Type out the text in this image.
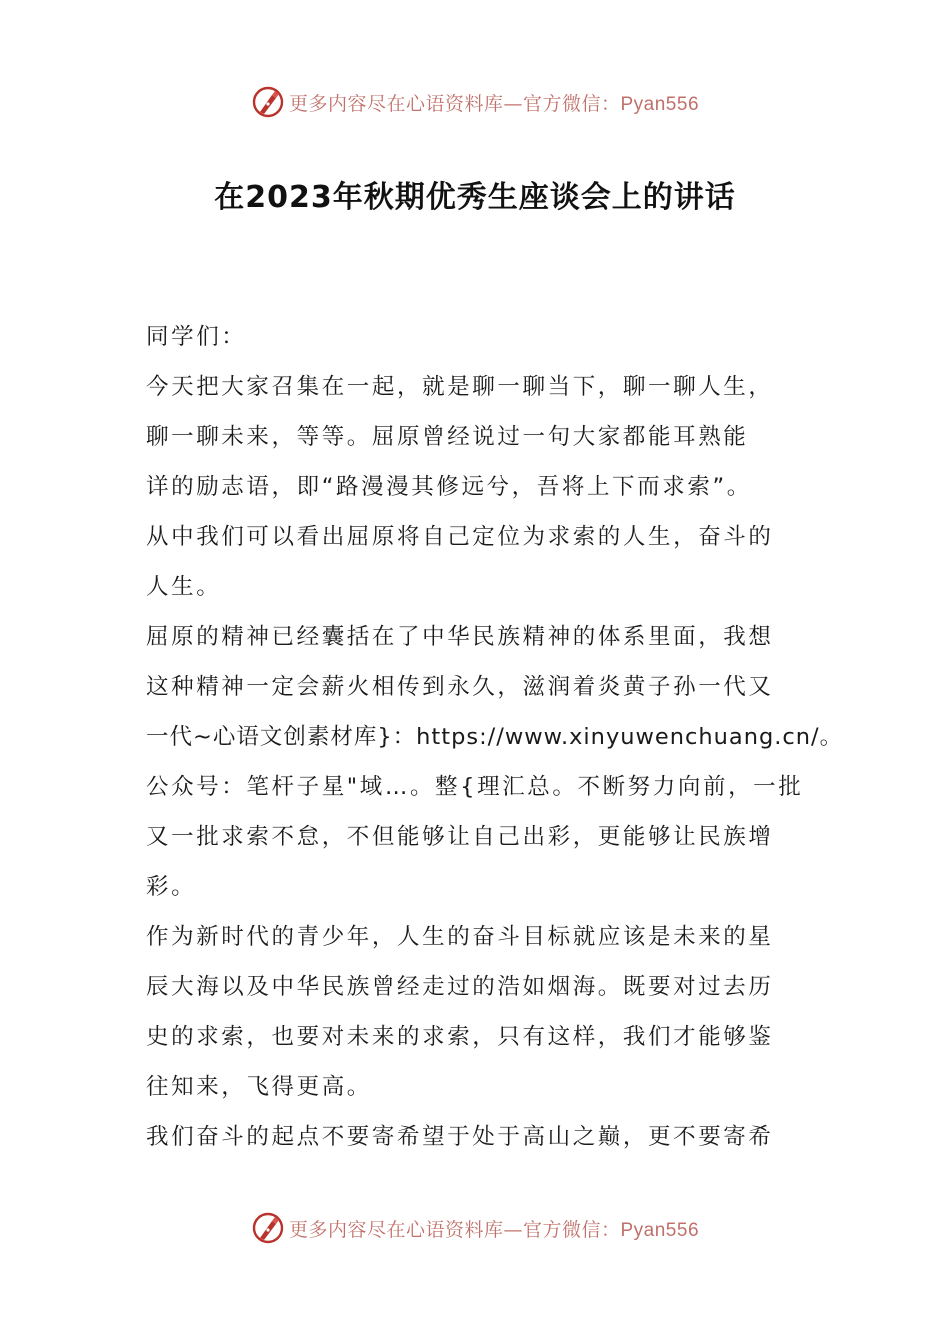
更多内容尽在心语资料库—官方微信：Pyan556
在2023年秋期优秀生座谈会上的讲话
同学们：
今天把大家召集在一起，就是聊一聊当下，聊一聊人生，
聊一聊未来，等等。屈原曾经说过一句大家都能耳熟能
详的励志语，即“路漫漫其修远兮，吾将上下而求索”。
从中我们可以看出屈原将自己定位为求索的人生，奋斗的
人生。
屈原的精神已经囊括在了中华民族精神的体系里面，我想
这种精神一定会薪火相传到永久，滋润着炎黄子孙一代又
一代~心语文创素材库}：https://www.xinyuwenchuang.cn/。
公众号：笔杆子星"域…。整{理汇总。不断努力向前，一批
又一批求索不怠，不但能够让自己出彩，更能够让民族增
彩。
作为新时代的青少年，人生的奋斗目标就应该是未来的星
辰大海以及中华民族曾经走过的浩如烟海。既要对过去历
史的求索，也要对未来的求索，只有这样，我们才能够鉴
往知来，飞得更高。
我们奋斗的起点不要寄希望于处于高山之巅，更不要寄希
更多内容尽在心语资料库—官方微信：Pyan556
